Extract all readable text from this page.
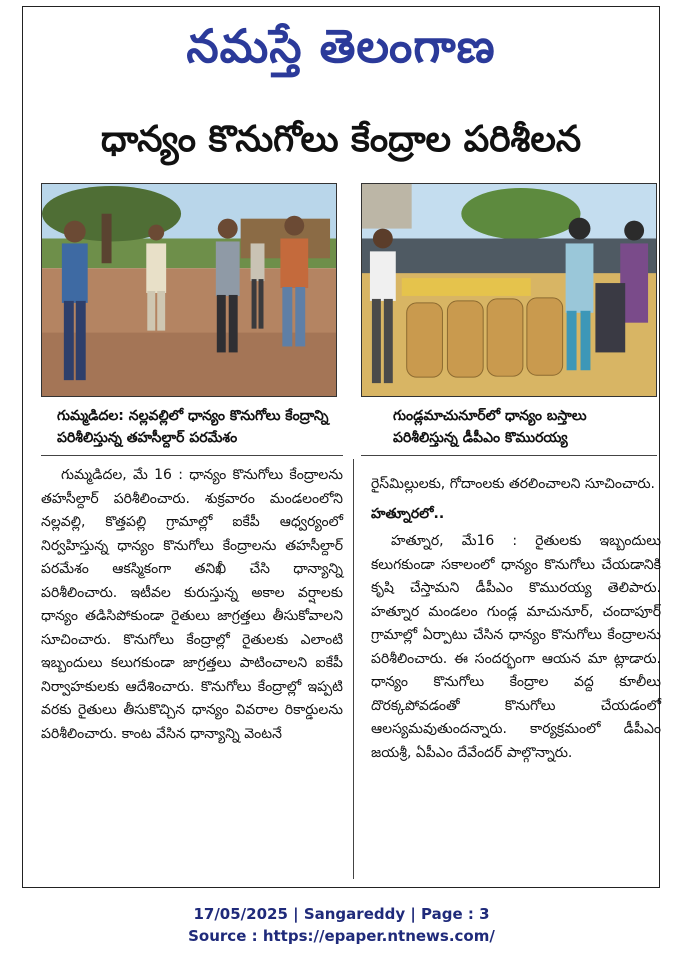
నమస్తే తెలంగాణ
ధాన్యం కొనుగోలు కేంద్రాల పరిశీలన
గుమ్మడిదల: నల్లవల్లిలో ధాన్యం కొనుగోలు కేంద్రాన్ని పరిశీలిస్తున్న తహసీల్దార్ పరమేశం
గుండ్లమాచునూర్‌లో ధాన్యం బస్తాలు పరిశీలిస్తున్న డీపీఎం కొమురయ్య
గుమ్మడిదల, మే 16 : ధాన్యం కొనుగోలు కేంద్రాలను తహసీల్దార్ పరిశీలించారు. శుక్రవారం మండలంలోని నల్లవల్లి, కొత్తపల్లి గ్రామాల్లో ఐకేపీ ఆధ్వర్యంలో నిర్వహిస్తున్న ధాన్యం కొనుగోలు కేంద్రాలను తహసీల్దార్ పరమేశం ఆకస్మికంగా తనిఖీ చేసి ధాన్యాన్ని పరిశీలించారు. ఇటీవల కురుస్తున్న అకాల వర్షాలకు ధాన్యం తడిసిపోకుండా రైతులు జాగ్రత్తలు తీసుకోవాలని సూచించారు. కొనుగోలు కేంద్రాల్లో రైతులకు ఎలాంటి ఇబ్బందులు కలుగకుండా జాగ్రత్తలు పాటించాలని ఐకేపీ నిర్వాహకులకు ఆదేశించారు. కొనుగోలు కేంద్రాల్లో ఇప్పటి వరకు రైతులు తీసుకొచ్చిన ధాన్యం వివరాల రికార్డులను పరిశీలించారు. కాంట వేసిన ధాన్యాన్ని వెంటనే
రైస్‌మిల్లులకు, గోదాంలకు తరలించాలని సూచించారు.
హత్నూరలో..
హత్నూర, మే16 : రైతులకు ఇబ్బందులు కలుగకుండా సకాలంలో ధాన్యం కొనుగోలు చేయడానికి కృషి చేస్తామని డీపీఎం కొమురయ్య తెలిపారు. హత్నూర మండలం గుండ్ల మాచునూర్, చందాపూర్ గ్రామాల్లో ఏర్పాటు చేసిన ధాన్యం కొనుగోలు కేంద్రాలను పరిశీలించారు. ఈ సందర్భంగా ఆయన మా ట్లాడారు. ధాన్యం కొనుగోలు కేంద్రాల వద్ద కూలీలు దొరక్కపోవడంతో కొనుగోలు చేయడంలో ఆలస్యమవుతుందన్నారు. కార్యక్రమంలో డీపీఎం జయశ్రీ, ఏపీఎం దేవేందర్ పాల్గొన్నారు.
17/05/2025 | Sangareddy | Page : 3
Source : https://epaper.ntnews.com/
